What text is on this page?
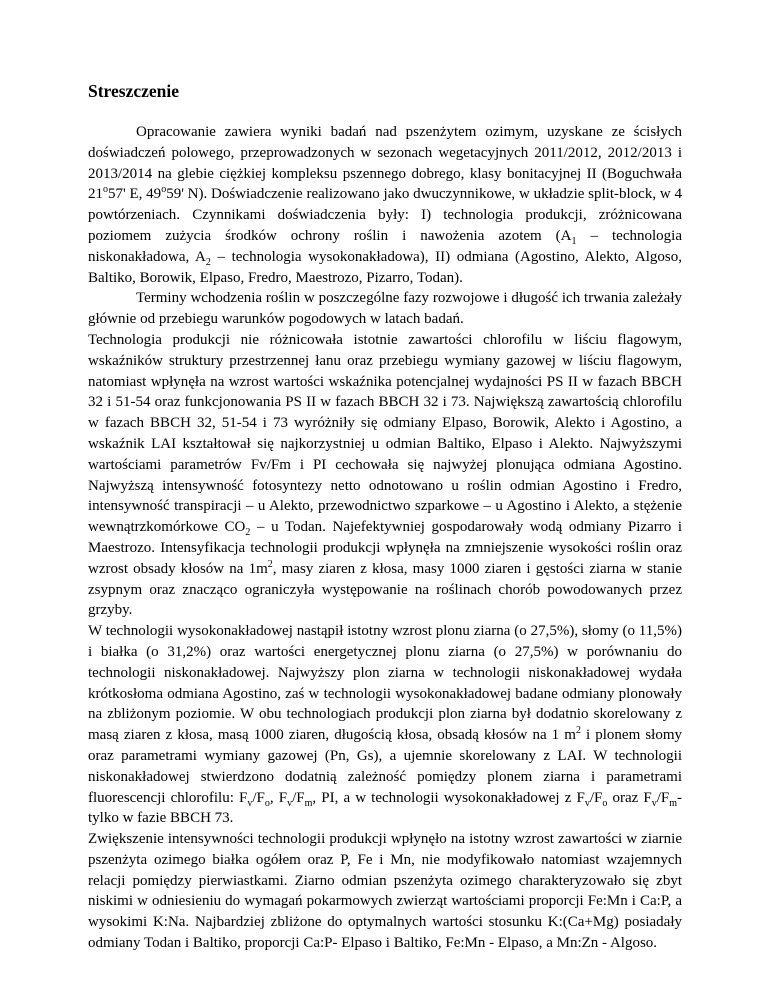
Streszczenie

Opracowanie zawiera wyniki badań nad pszenżytem ozimym, uzyskane ze ścisłych doświadczeń polowego, przeprowadzonych w sezonach wegetacyjnych 2011/2012, 2012/2013 i 2013/2014 na glebie ciężkiej kompleksu pszennego dobrego, klasy bonitacyjnej II (Boguchwała 21$^o$57' E, 49$^o$59' N). Doświadczenie realizowano jako dwuczynnikowe, w układzie split-block, w 4 powtórzeniach. Czynnikami doświadczenia były: I) technologia produkcji, zróżnicowana poziomem zużycia środków ochrony roślin i nawożenia azotem ($A_1$ – technologia niskonakładowa, $A_2$ – technologia wysokonakładowa), II) odmiana (Agostino, Alekto, Algoso, Baltiko, Borowik, Elpaso, Fredro, Maestrozo, Pizarro, Todan).

Terminy wchodzenia roślin w poszczególne fazy rozwojowe i długość ich trwania zależały głównie od przebiegu warunków pogodowych w latach badań.

Technologia produkcji nie różnicowała istotnie zawartości chlorofilu w liściu flagowym, wskaźników struktury przestrzennej łanu oraz przebiegu wymiany gazowej w liściu flagowym, natomiast wpłynęła na wzrost wartości wskaźnika potencjalnej wydajności PS II w fazach BBCH 32 i 51-54 oraz funkcjonowania PS II w fazach BBCH 32 i 73. Największą zawartością chlorofilu w fazach BBCH 32, 51-54 i 73 wyróżniły się odmiany Elpaso, Borowik, Alekto i Agostino, a wskaźnik LAI kształtował się najkorzystniej u odmian Baltiko, Elpaso i Alekto. Najwyższymi wartościami parametrów Fv/Fm i PI cechowała się najwyżej plonująca odmiana Agostino. Najwyższą intensywność fotosyntezy netto odnotowano u roślin odmian Agostino i Fredro, intensywność transpiracji – u Alekto, przewodnictwo szparkowe – u Agostino i Alekto, a stężenie wewnątrzkomórkowe $CO_2$ – u Todan. Najefektywniej gospodarowały wodą odmiany Pizarro i Maestrozo. Intensyfikacja technologii produkcji wpłynęła na zmniejszenie wysokości roślin oraz wzrost obsady kłosów na $1m^2$, masy ziaren z kłosa, masy 1000 ziaren i gęstości ziarna w stanie zsypnym oraz znacząco ograniczyła występowanie na roślinach chorób powodowanych przez grzyby.

W technologii wysokonakładowej nastąpił istotny wzrost plonu ziarna (o 27,5%), słomy (o 11,5%) i białka (o 31,2%) oraz wartości energetycznej plonu ziarna (o 27,5%) w porównaniu do technologii niskonakładowej. Najwyższy plon ziarna w technologii niskonakładowej wydała krótkosłoma odmiana Agostino, zaś w technologii wysokonakładowej badane odmiany plonowały na zbliżonym poziomie. W obu technologiach produkcji plon ziarna był dodatnio skorelowany z masą ziaren z kłosa, masą 1000 ziaren, długością kłosa, obsadą kłosów na 1 $m^2$ i plonem słomy oraz parametrami wymiany gazowej (Pn, Gs), a ujemnie skorelowany z LAI. W technologii niskonakładowej stwierdzono dodatnią zależność pomiędzy plonem ziarna i parametrami fluorescencji chlorofilu: $F_v/F_o$, $F_v/F_m$, PI, a w technologii wysokonakładowej z $F_v/F_o$ oraz $F_v/F_m-$ tylko w fazie BBCH 73.

Zwiększenie intensywności technologii produkcji wpłynęło na istotny wzrost zawartości w ziarnie pszenżyta ozimego białka ogółem oraz P, Fe i Mn, nie modyfikowało natomiast wzajemnych relacji pomiędzy pierwiastkami. Ziarno odmian pszenżyta ozimego charakteryzowało się zbyt niskimi w odniesieniu do wymagań pokarmowych zwierząt wartościami proporcji Fe:Mn i Ca:P, a wysokimi K:Na. Najbardziej zbliżone do optymalnych wartości stosunku K:(Ca+Mg) posiadały odmiany Todan i Baltiko, proporcji Ca:P- Elpaso i Baltiko, Fe:Mn - Elpaso, a Mn:Zn - Algoso.
